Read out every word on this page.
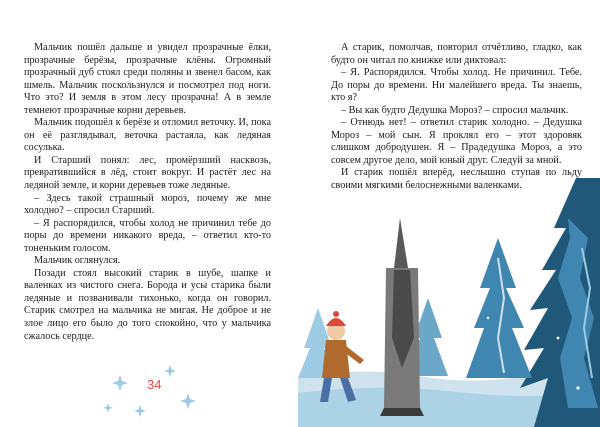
Мальчик пошёл дальше и увидел прозрачные ёлки, прозрачные берёзы, прозрачные клёны. Огромный прозрачный дуб стоял среди поляны и звенел басом, как шмель. Мальчик поскользнулся и посмотрел под ноги. Что это? И земля в этом лесу прозрачна! А в земле темнеют прозрачные корни деревьев.

Мальчик подошёл к берёзе и отломил веточку. И, пока он её разглядывал, веточка растаяла, как ледяная сосулька.

И Старший понял: лес, промёрзший насквозь, превратившийся в лёд, стоит вокруг. И растёт лес на ледяной земле, и корни деревьев тоже ледяные.

– Здесь такой страшный мороз, почему же мне холодно? – спросил Старший.

– Я распорядился, чтобы холод не причинил тебе до поры до времени никакого вреда, – ответил кто-то тоненьким голосом.

Мальчик оглянулся.

Позади стоял высокий старик в шубе, шапке и валенках из чистого снега. Борода и усы старика были ледяные и позванивали тихонько, когда он говорил. Старик смотрел на мальчика не мигая. Не доброе и не злое лицо его было до того спокойно, что у мальчика сжалось сердце.

34

А старик, помолчав, повторил отчётливо, гладко, как будто он читал по книжке или диктовал:

– Я. Распорядился. Чтобы холод. Не причинил. Тебе. До поры до времени. Ни малейшего вреда. Ты знаешь, кто я?

– Вы как будто Дедушка Мороз? – спросил мальчик.

– Отнюдь нет! – ответил старик холодно. – Дедушка Мороз – мой сын. Я проклял его – этот здоровяк слишком добродушен. Я – Прадедушка Мороз, а это совсем другое дело, мой юный друг. Следуй за мной.

И старик пошёл вперёд, неслышно ступая по льду своими мягкими белоснежными валенками.
